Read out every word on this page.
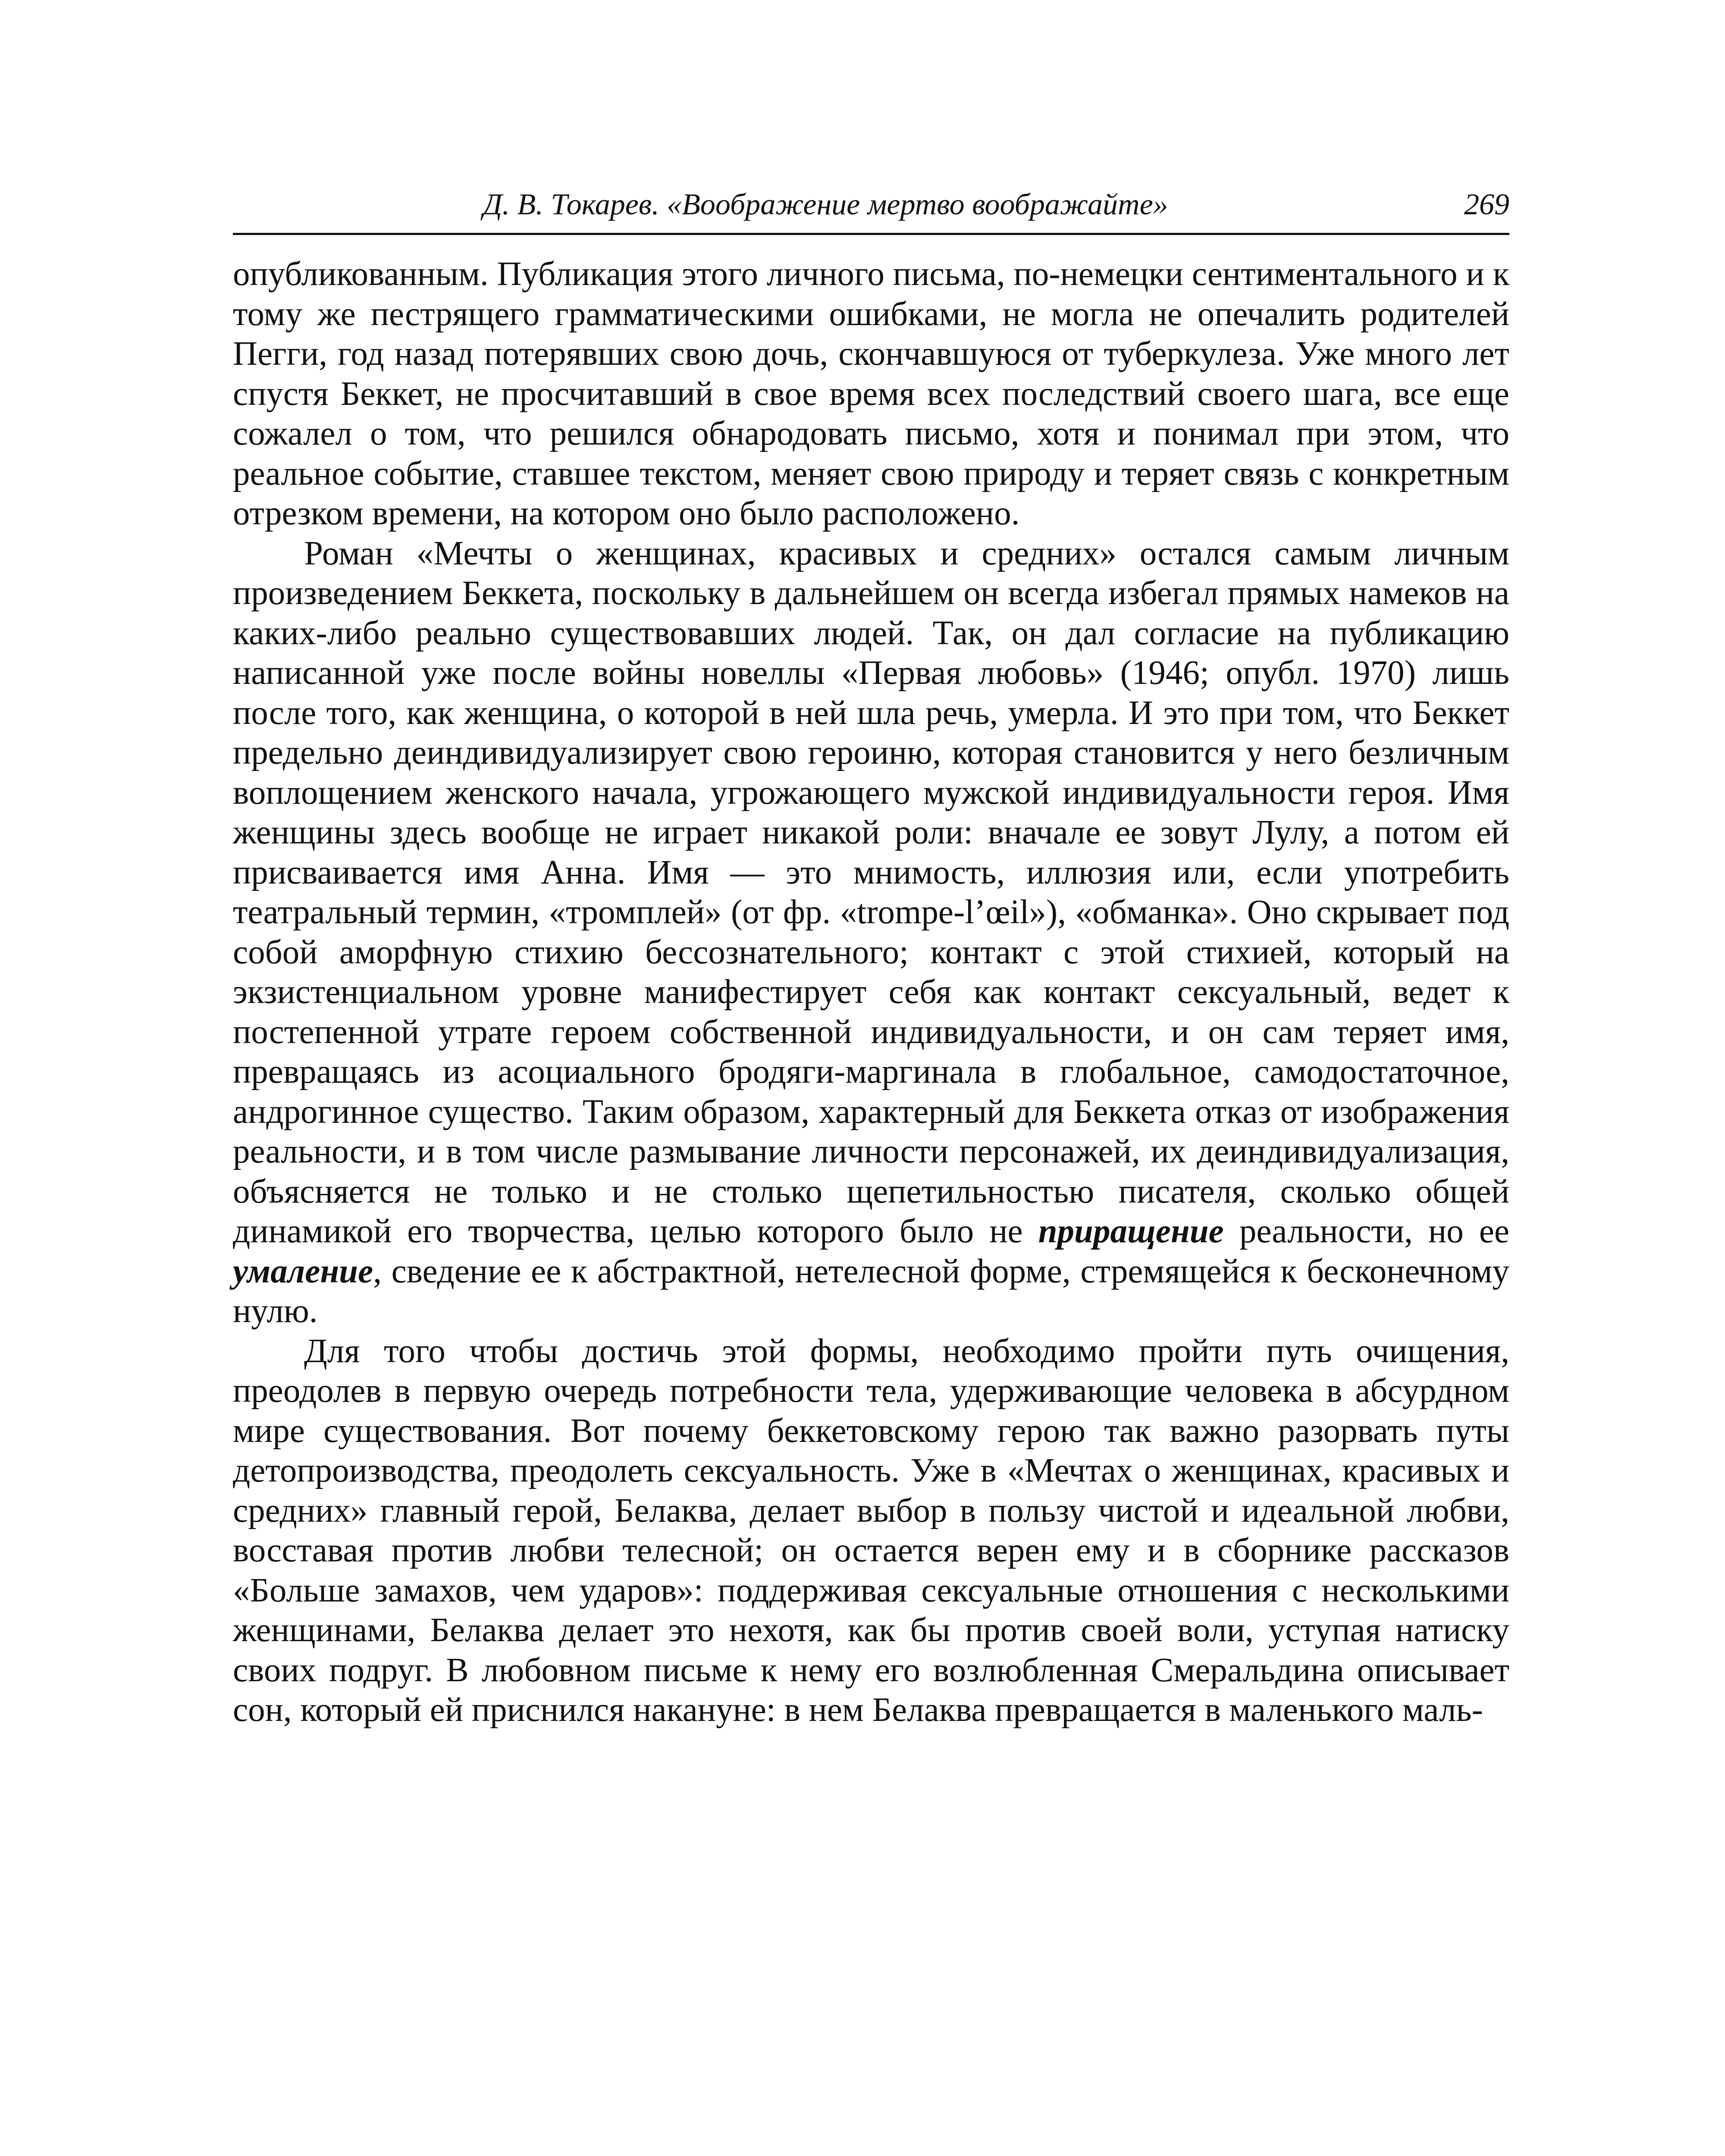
Д. В. Токарев. «Воображение мертво воображайте»	269

опубликованным. Публикация этого личного письма, по-немецки сентиментального и к тому же пестрящего грамматическими ошибками, не могла не опечалить родителей Пегги, год назад потерявших свою дочь, скончавшуюся от туберкулеза. Уже много лет спустя Беккет, не просчитавший в свое время всех последствий своего шага, все еще сожалел о том, что решился обнародовать письмо, хотя и понимал при этом, что реальное событие, ставшее текстом, меняет свою природу и теряет связь с конкретным отрезком времени, на котором оно было расположено.

Роман «Мечты о женщинах, красивых и средних» остался самым личным произведением Беккета, поскольку в дальнейшем он всегда избегал прямых намеков на каких-либо реально существовавших людей. Так, он дал согласие на публикацию написанной уже после войны новеллы «Первая любовь» (1946; опубл. 1970) лишь после того, как женщина, о которой в ней шла речь, умерла. И это при том, что Беккет предельно деиндивидуализирует свою героиню, которая становится у него безличным воплощением женского начала, угрожающего мужской индивидуальности героя. Имя женщины здесь вообще не играет никакой роли: вначале ее зовут Лулу, а потом ей присваивается имя Анна. Имя — это мнимость, иллюзия или, если употребить театральный термин, «тромплей» (от фр. «trompe-l’œil»), «обманка». Оно скрывает под собой аморфную стихию бессознательного; контакт с этой стихией, который на экзистенциальном уровне манифестирует себя как контакт сексуальный, ведет к постепенной утрате героем собственной индивидуальности, и он сам теряет имя, превращаясь из асоциального бродяги-маргинала в глобальное, самодостаточное, андрогинное существо. Таким образом, характерный для Беккета отказ от изображения реальности, и в том числе размывание личности персонажей, их деиндивидуализация, объясняется не только и не столько щепетильностью писателя, сколько общей динамикой его творчества, целью которого было не приращение реальности, но ее умаление, сведение ее к абстрактной, нетелесной форме, стремящейся к бесконечному нулю.

Для того чтобы достичь этой формы, необходимо пройти путь очищения, преодолев в первую очередь потребности тела, удерживающие человека в абсурдном мире существования. Вот почему беккетовскому герою так важно разорвать путы детопроизводства, преодолеть сексуальность. Уже в «Мечтах о женщинах, красивых и средних» главный герой, Белаква, делает выбор в пользу чистой и идеальной любви, восставая против любви телесной; он остается верен ему и в сборнике рассказов «Больше замахов, чем ударов»: поддерживая сексуальные отношения с несколькими женщинами, Белаква делает это нехотя, как бы против своей воли, уступая натиску своих подруг. В любовном письме к нему его возлюбленная Смеральдина описывает сон, который ей приснился накануне: в нем Белаква превращается в маленького маль-
